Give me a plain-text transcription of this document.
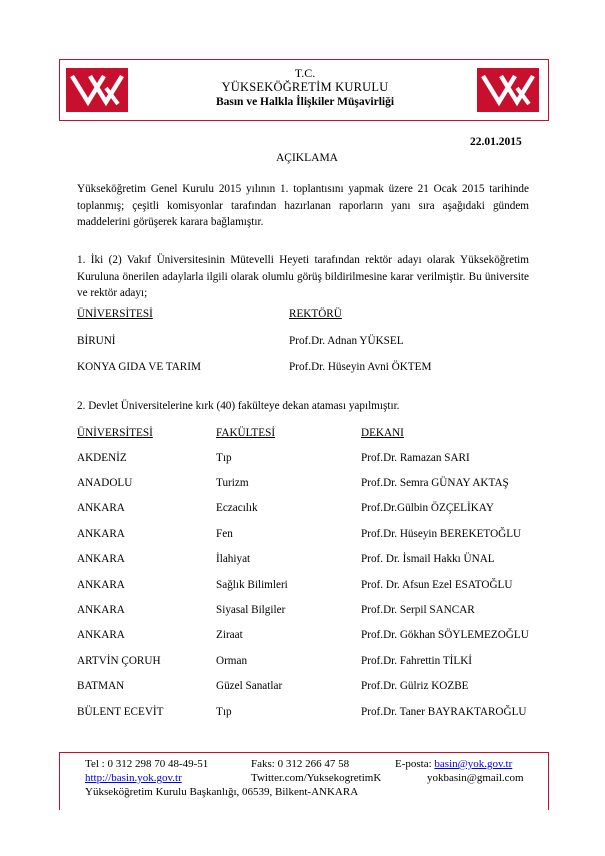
T.C.
YÜKSEKÖĞRETİM KURULU
Basın ve Halkla İlişkiler Müşavirliği
22.01.2015
AÇIKLAMA
Yükseköğretim Genel Kurulu 2015 yılının 1. toplantısını yapmak üzere 21 Ocak 2015 tarihinde toplanmış; çeşitli komisyonlar tarafından hazırlanan raporların yanı sıra aşağıdaki gündem maddelerini görüşerek karara bağlamıştır.
1. İki (2) Vakıf Üniversitesinin Mütevelli Heyeti tarafından rektör adayı olarak Yükseköğretim Kuruluna önerilen adaylarla ilgili olarak olumlu görüş bildirilmesine karar verilmiştir. Bu üniversite ve rektör adayı;
ÜNİVERSİTESİ	REKTÖRÜ
BİRUNİ	Prof.Dr. Adnan YÜKSEL
KONYA GIDA VE TARIM	Prof.Dr. Hüseyin Avni ÖKTEM
2. Devlet Üniversitelerine kırk (40) fakülteye dekan ataması yapılmıştır.
ÜNİVERSİTESİ	FAKÜLTESİ	DEKANI
AKDENİZ	Tıp	Prof.Dr. Ramazan SARI
ANADOLU	Turizm	Prof.Dr. Semra GÜNAY AKTAŞ
ANKARA	Eczacılık	Prof.Dr.Gülbin ÖZÇELİKAY
ANKARA	Fen	Prof.Dr. Hüseyin BEREKETOĞLU
ANKARA	İlahiyat	Prof. Dr. İsmail Hakkı ÜNAL
ANKARA	Sağlık Bilimleri	Prof. Dr. Afsun Ezel ESATOĞLU
ANKARA	Siyasal Bilgiler	Prof.Dr. Serpil SANCAR
ANKARA	Ziraat	Prof.Dr. Gökhan SÖYLEMEZOĞLU
ARTVİN ÇORUH	Orman	Prof.Dr. Fahrettin TİLKİ
BATMAN	Güzel Sanatlar	Prof.Dr. Gülriz KOZBE
BÜLENT ECEVİT	Tıp	Prof.Dr. Taner BAYRAKTAROĞLU
Tel : 0 312 298 70 48-49-51	Faks: 0 312 266 47 58	E-posta: basin@yok.gov.tr
http://basin.yok.gov.tr	Twitter.com/YuksekogretimK	yokbasin@gmail.com
Yükseköğretim Kurulu Başkanlığı, 06539, Bilkent-ANKARA
